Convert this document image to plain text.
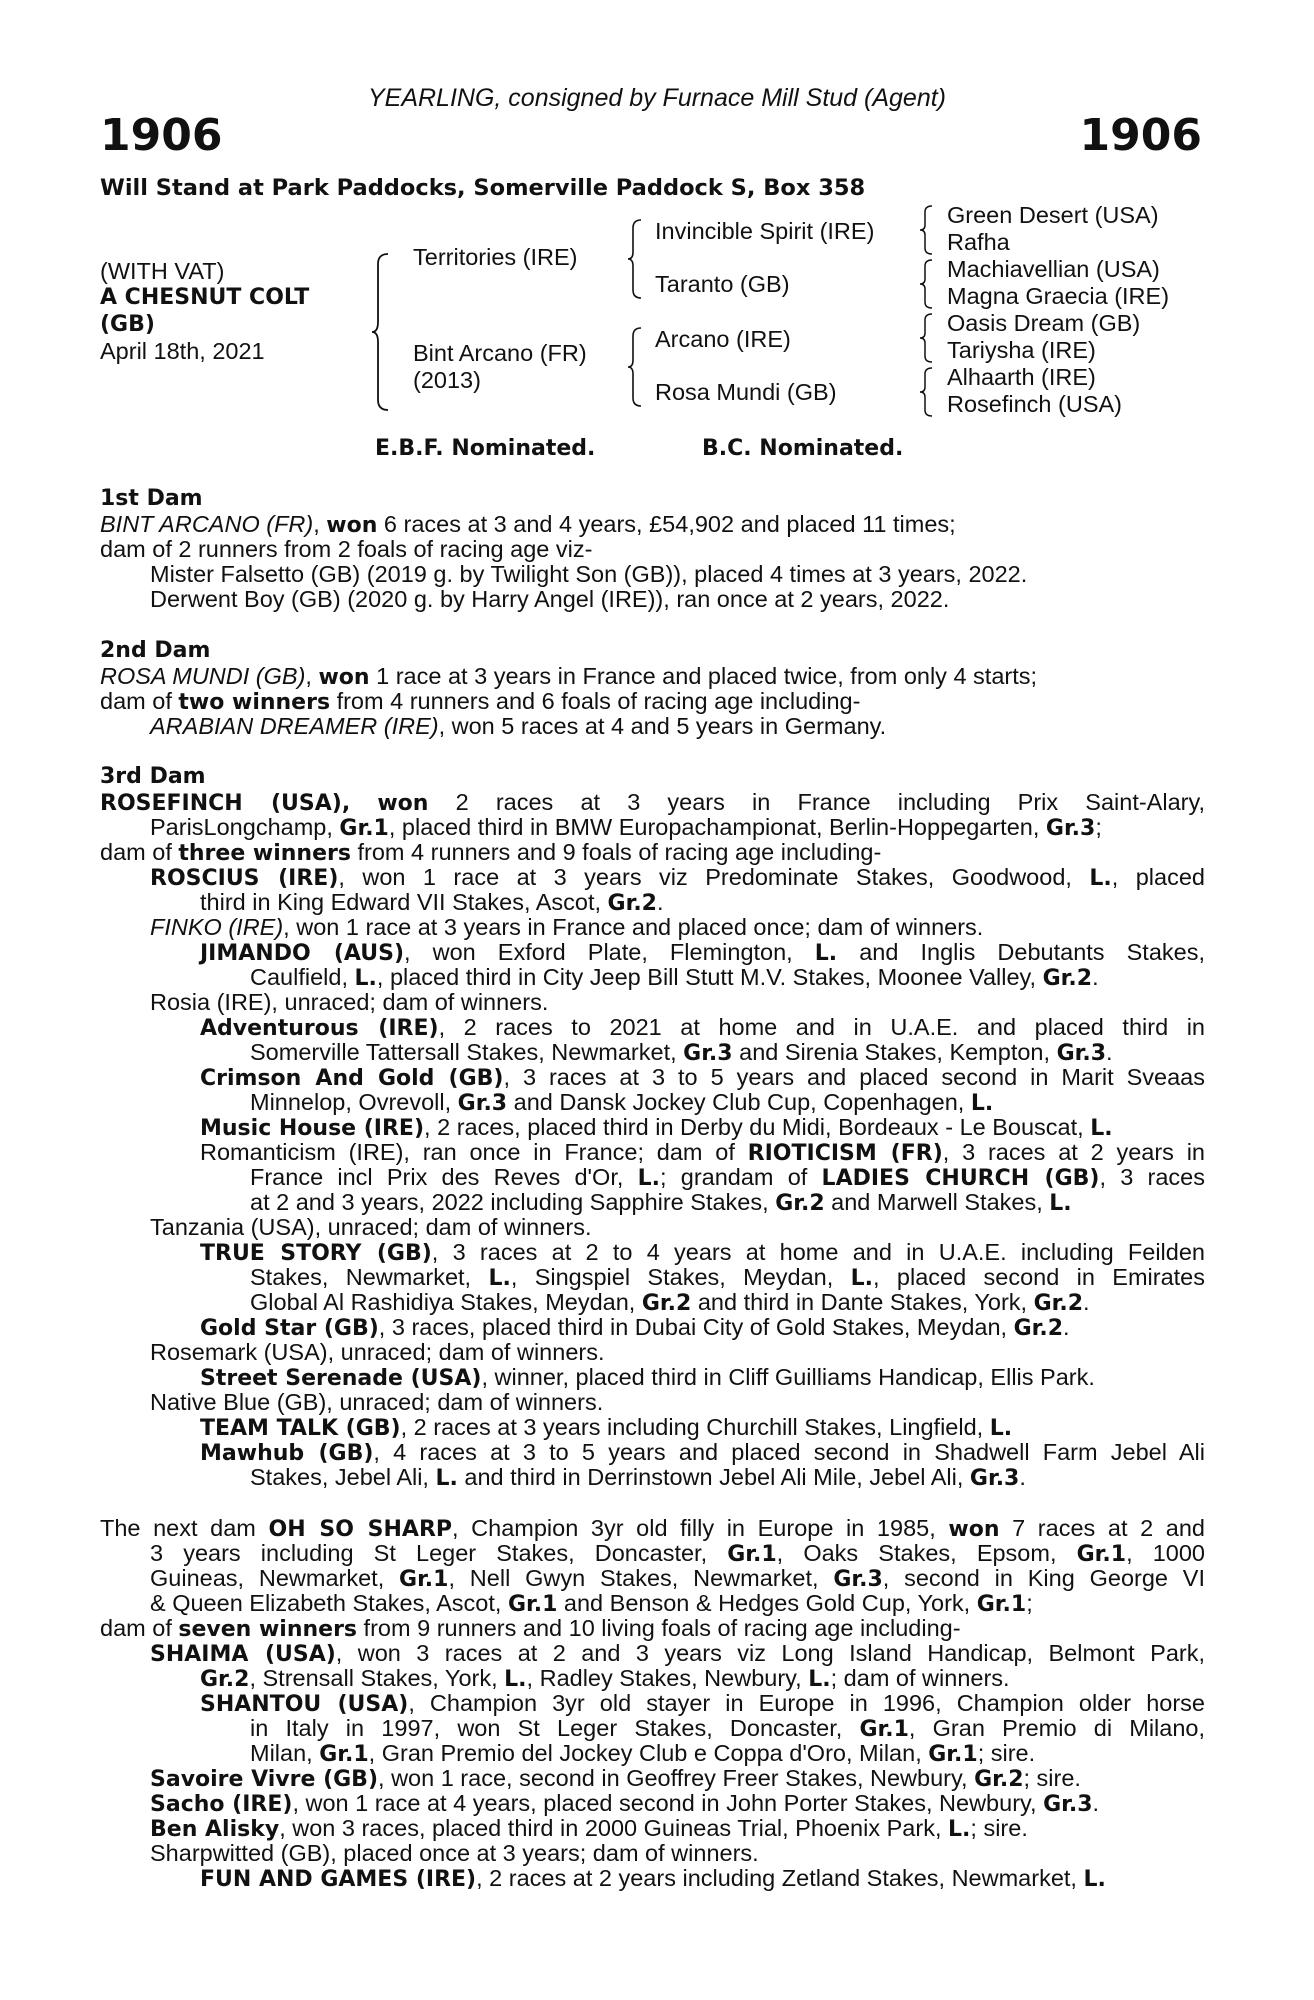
YEARLING, consigned by Furnace Mill Stud (Agent)
1906	1906
Will Stand at Park Paddocks, Somerville Paddock S, Box 358
(WITH VAT)
A CHESNUT COLT
(GB)
April 18th, 2021
Territories (IRE)
Bint Arcano (FR)
(2013)
Invincible Spirit (IRE)
Taranto (GB)
Arcano (IRE)
Rosa Mundi (GB)
Green Desert (USA)
Rafha
Machiavellian (USA)
Magna Graecia (IRE)
Oasis Dream (GB)
Tariysha (IRE)
Alhaarth (IRE)
Rosefinch (USA)
E.B.F. Nominated.	B.C. Nominated.
1st Dam
BINT ARCANO (FR), won 6 races at 3 and 4 years, £54,902 and placed 11 times;
dam of 2 runners from 2 foals of racing age viz-
Mister Falsetto (GB) (2019 g. by Twilight Son (GB)), placed 4 times at 3 years, 2022.
Derwent Boy (GB) (2020 g. by Harry Angel (IRE)), ran once at 2 years, 2022.
2nd Dam
ROSA MUNDI (GB), won 1 race at 3 years in France and placed twice, from only 4 starts;
dam of two winners from 4 runners and 6 foals of racing age including-
ARABIAN DREAMER (IRE), won 5 races at 4 and 5 years in Germany.
3rd Dam
ROSEFINCH (USA), won 2 races at 3 years in France including Prix Saint-Alary,
ParisLongchamp, Gr.1, placed third in BMW Europachampionat, Berlin-Hoppegarten, Gr.3;
dam of three winners from 4 runners and 9 foals of racing age including-
ROSCIUS (IRE), won 1 race at 3 years viz Predominate Stakes, Goodwood, L., placed
third in King Edward VII Stakes, Ascot, Gr.2.
FINKO (IRE), won 1 race at 3 years in France and placed once; dam of winners.
JIMANDO (AUS), won Exford Plate, Flemington, L. and Inglis Debutants Stakes,
Caulfield, L., placed third in City Jeep Bill Stutt M.V. Stakes, Moonee Valley, Gr.2.
Rosia (IRE), unraced; dam of winners.
Adventurous (IRE), 2 races to 2021 at home and in U.A.E. and placed third in
Somerville Tattersall Stakes, Newmarket, Gr.3 and Sirenia Stakes, Kempton, Gr.3.
Crimson And Gold (GB), 3 races at 3 to 5 years and placed second in Marit Sveaas
Minnelop, Ovrevoll, Gr.3 and Dansk Jockey Club Cup, Copenhagen, L.
Music House (IRE), 2 races, placed third in Derby du Midi, Bordeaux - Le Bouscat, L.
Romanticism (IRE), ran once in France; dam of RIOTICISM (FR), 3 races at 2 years in
France incl Prix des Reves d'Or, L.; grandam of LADIES CHURCH (GB), 3 races
at 2 and 3 years, 2022 including Sapphire Stakes, Gr.2 and Marwell Stakes, L.
Tanzania (USA), unraced; dam of winners.
TRUE STORY (GB), 3 races at 2 to 4 years at home and in U.A.E. including Feilden
Stakes, Newmarket, L., Singspiel Stakes, Meydan, L., placed second in Emirates
Global Al Rashidiya Stakes, Meydan, Gr.2 and third in Dante Stakes, York, Gr.2.
Gold Star (GB), 3 races, placed third in Dubai City of Gold Stakes, Meydan, Gr.2.
Rosemark (USA), unraced; dam of winners.
Street Serenade (USA), winner, placed third in Cliff Guilliams Handicap, Ellis Park.
Native Blue (GB), unraced; dam of winners.
TEAM TALK (GB), 2 races at 3 years including Churchill Stakes, Lingfield, L.
Mawhub (GB), 4 races at 3 to 5 years and placed second in Shadwell Farm Jebel Ali
Stakes, Jebel Ali, L. and third in Derrinstown Jebel Ali Mile, Jebel Ali, Gr.3.
The next dam OH SO SHARP, Champion 3yr old filly in Europe in 1985, won 7 races at 2 and
3 years including St Leger Stakes, Doncaster, Gr.1, Oaks Stakes, Epsom, Gr.1, 1000
Guineas, Newmarket, Gr.1, Nell Gwyn Stakes, Newmarket, Gr.3, second in King George VI
& Queen Elizabeth Stakes, Ascot, Gr.1 and Benson & Hedges Gold Cup, York, Gr.1;
dam of seven winners from 9 runners and 10 living foals of racing age including-
SHAIMA (USA), won 3 races at 2 and 3 years viz Long Island Handicap, Belmont Park,
Gr.2, Strensall Stakes, York, L., Radley Stakes, Newbury, L.; dam of winners.
SHANTOU (USA), Champion 3yr old stayer in Europe in 1996, Champion older horse
in Italy in 1997, won St Leger Stakes, Doncaster, Gr.1, Gran Premio di Milano,
Milan, Gr.1, Gran Premio del Jockey Club e Coppa d'Oro, Milan, Gr.1; sire.
Savoire Vivre (GB), won 1 race, second in Geoffrey Freer Stakes, Newbury, Gr.2; sire.
Sacho (IRE), won 1 race at 4 years, placed second in John Porter Stakes, Newbury, Gr.3.
Ben Alisky, won 3 races, placed third in 2000 Guineas Trial, Phoenix Park, L.; sire.
Sharpwitted (GB), placed once at 3 years; dam of winners.
FUN AND GAMES (IRE), 2 races at 2 years including Zetland Stakes, Newmarket, L.
